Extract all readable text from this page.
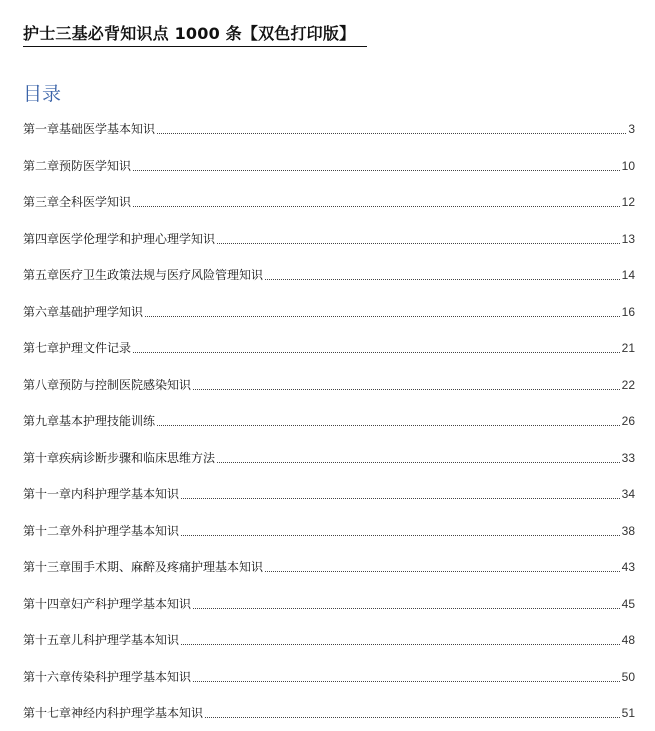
护士三基必背知识点 1000 条【双色打印版】
目录
第一章基础医学基本知识	3
第二章预防医学知识	10
第三章全科医学知识	12
第四章医学伦理学和护理心理学知识	13
第五章医疗卫生政策法规与医疗风险管理知识	14
第六章基础护理学知识	16
第七章护理文件记录	21
第八章预防与控制医院感染知识	22
第九章基本护理技能训练	26
第十章疾病诊断步骤和临床思维方法	33
第十一章内科护理学基本知识	34
第十二章外科护理学基本知识	38
第十三章围手术期、麻醉及疼痛护理基本知识	43
第十四章妇产科护理学基本知识	45
第十五章儿科护理学基本知识	48
第十六章传染科护理学基本知识	50
第十七章神经内科护理学基本知识	51
